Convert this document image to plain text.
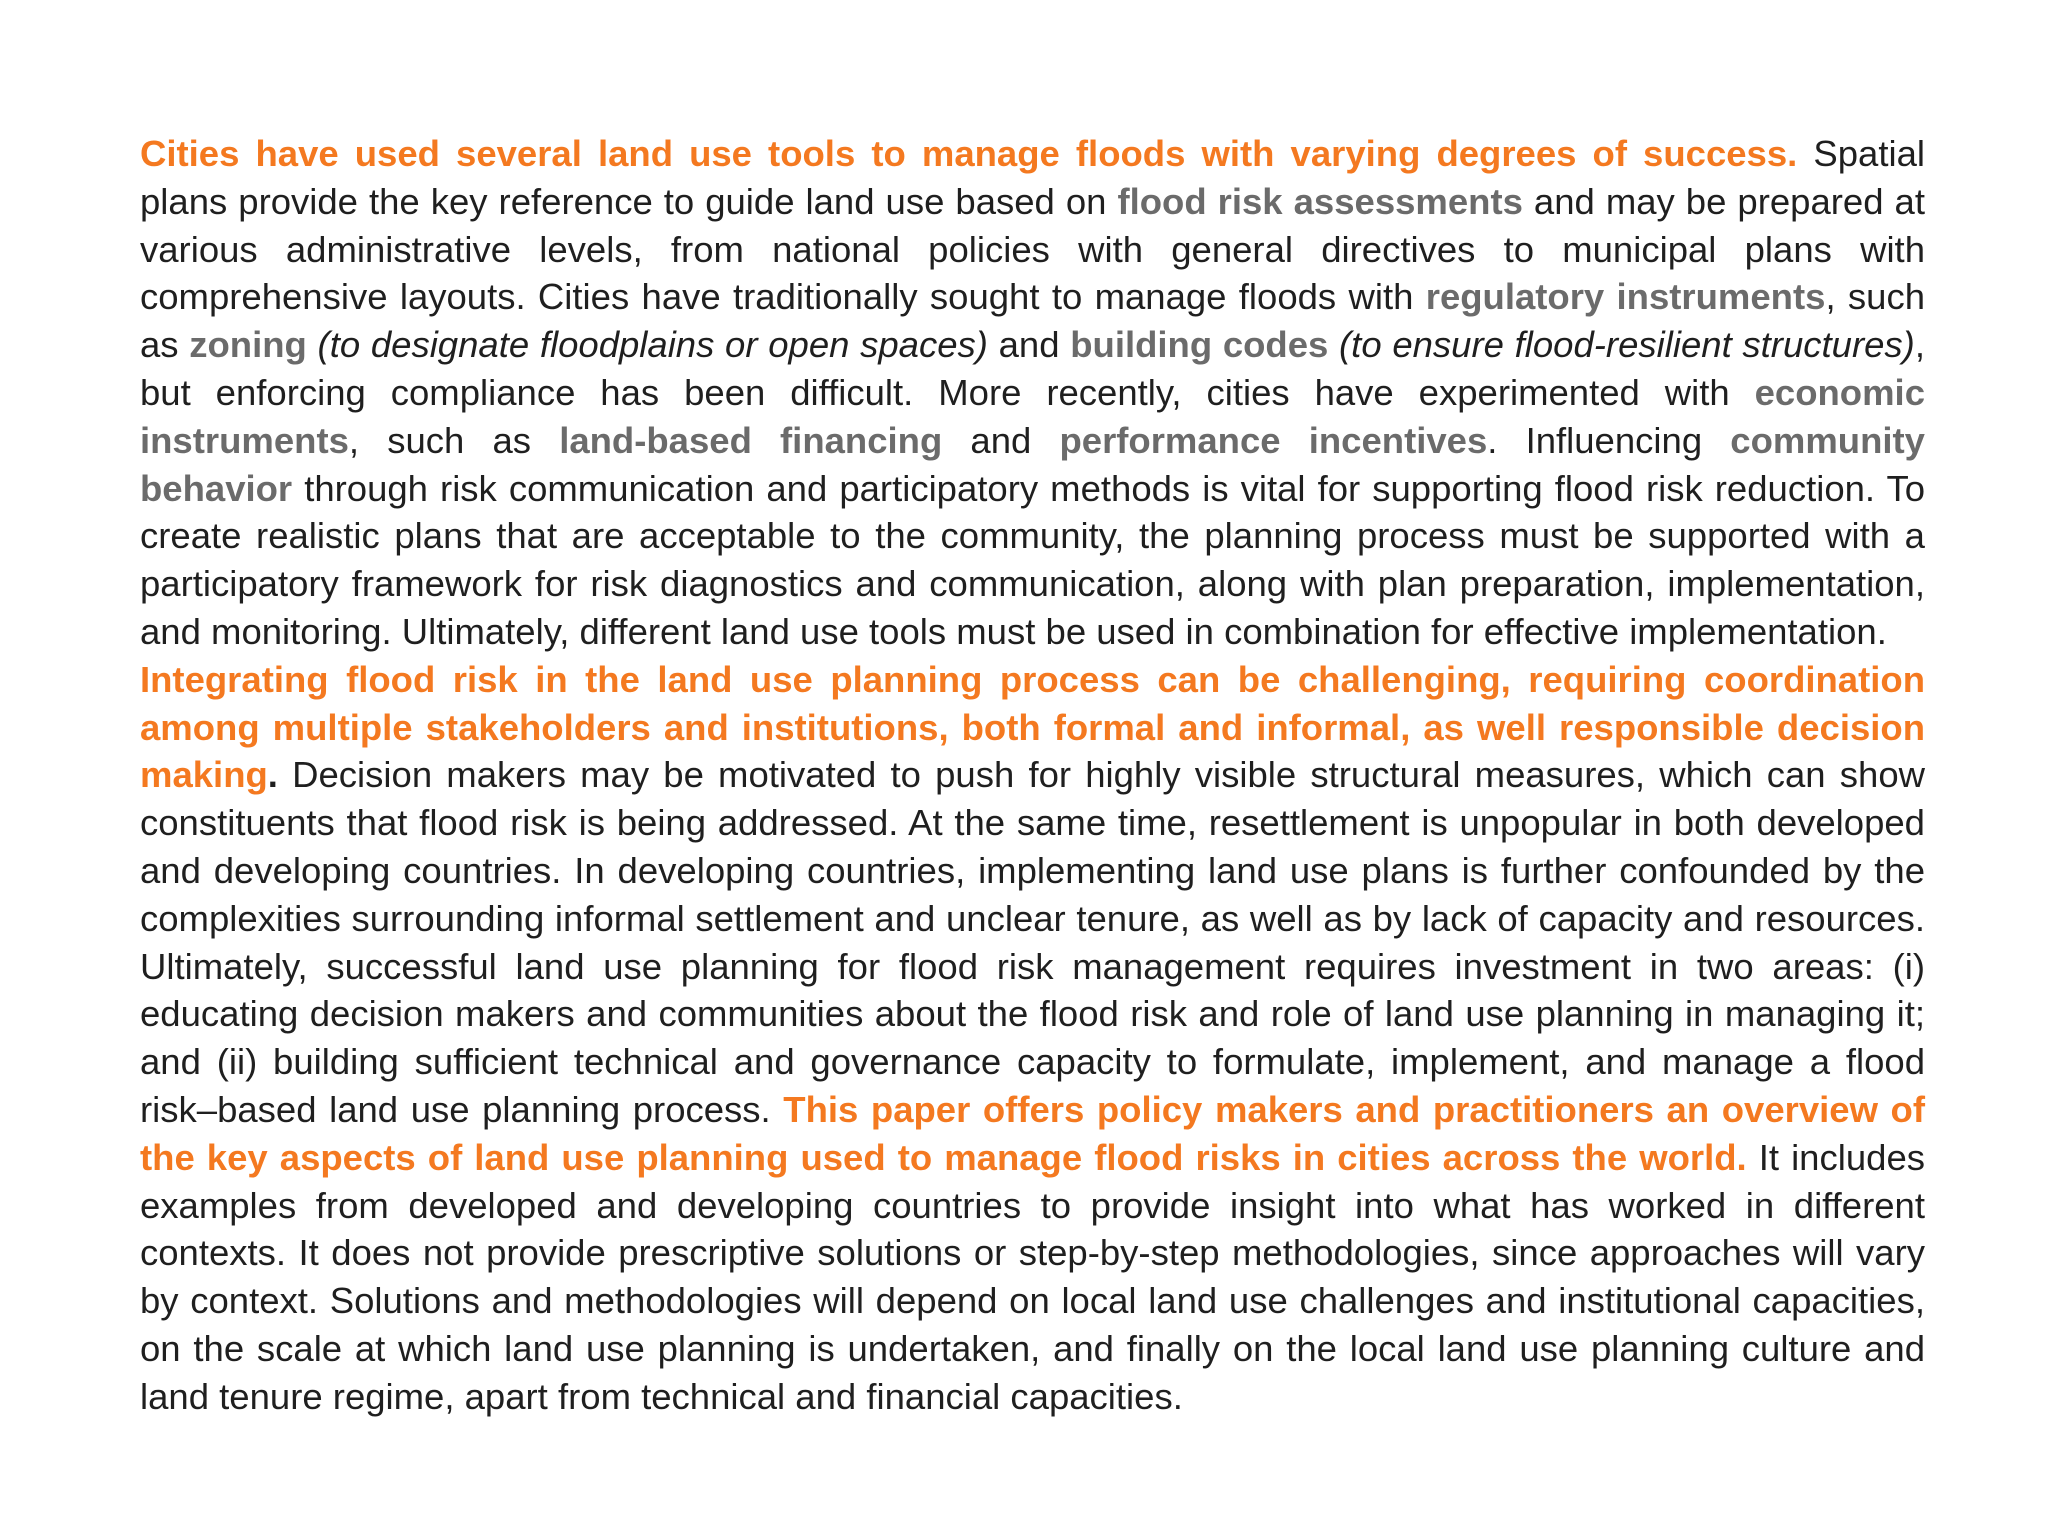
Cities have used several land use tools to manage floods with varying degrees of success. Spatial plans provide the key reference to guide land use based on flood risk assessments and may be prepared at various administrative levels, from national policies with general directives to municipal plans with comprehensive layouts. Cities have traditionally sought to manage floods with regulatory instruments, such as zoning (to designate floodplains or open spaces) and building codes (to ensure flood-resilient structures), but enforcing compliance has been difficult. More recently, cities have experimented with economic instruments, such as land-based financing and performance incentives. Influencing community behavior through risk communication and participatory methods is vital for supporting flood risk reduction. To create realistic plans that are acceptable to the community, the planning process must be supported with a participatory framework for risk diagnostics and communication, along with plan preparation, implementation, and monitoring. Ultimately, different land use tools must be used in combination for effective implementation.

Integrating flood risk in the land use planning process can be challenging, requiring coordination among multiple stakeholders and institutions, both formal and informal, as well responsible decision making. Decision makers may be motivated to push for highly visible structural measures, which can show constituents that flood risk is being addressed. At the same time, resettlement is unpopular in both developed and developing countries. In developing countries, implementing land use plans is further confounded by the complexities surrounding informal settlement and unclear tenure, as well as by lack of capacity and resources. Ultimately, successful land use planning for flood risk management requires investment in two areas: (i) educating decision makers and communities about the flood risk and role of land use planning in managing it; and (ii) building sufficient technical and governance capacity to formulate, implement, and manage a flood risk–based land use planning process. This paper offers policy makers and practitioners an overview of the key aspects of land use planning used to manage flood risks in cities across the world. It includes examples from developed and developing countries to provide insight into what has worked in different contexts. It does not provide prescriptive solutions or step-by-step methodologies, since approaches will vary by context. Solutions and methodologies will depend on local land use challenges and institutional capacities, on the scale at which land use planning is undertaken, and finally on the local land use planning culture and land tenure regime, apart from technical and financial capacities.
